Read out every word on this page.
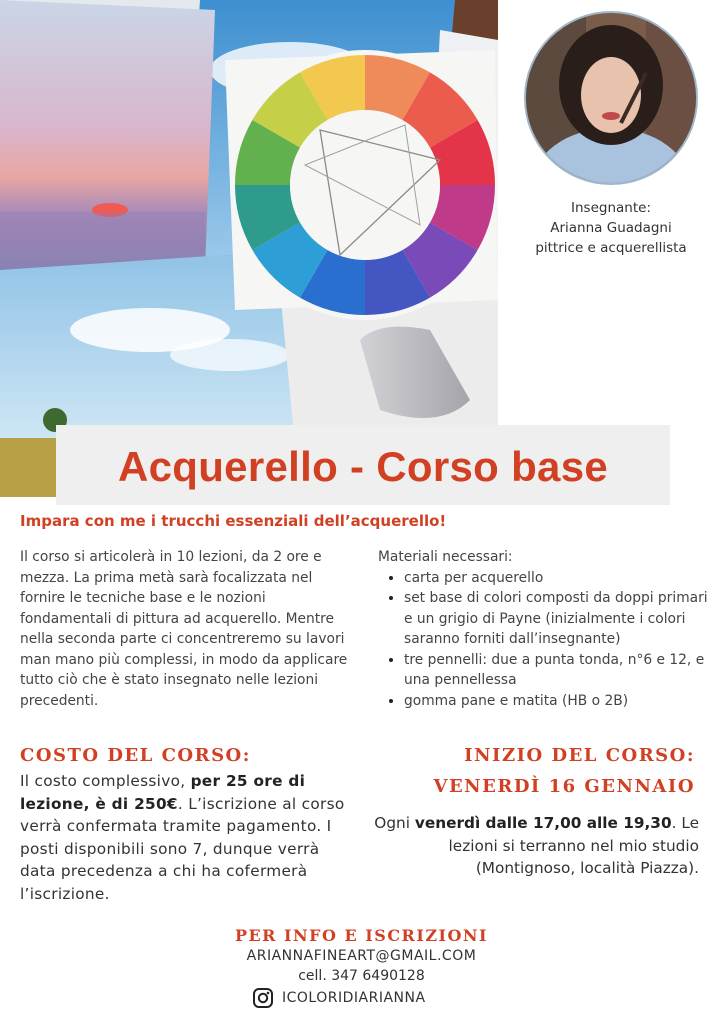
Insegnante:
Arianna Guadagni
pittrice e acquerellista
Acquerello - Corso base
Impara con me i trucchi essenziali dell’acquerello!
Il corso si articolerà in 10 lezioni, da 2 ore e mezza. La prima metà sarà focalizzata nel fornire le tecniche base e le nozioni fondamentali di pittura ad acquerello. Mentre nella seconda parte ci concentreremo su lavori man mano più complessi, in modo da applicare tutto ciò che è stato insegnato nelle lezioni precedenti.
Materiali necessari:
• carta per acquerello
• set base di colori composti da doppi primari e un grigio di Payne (inizialmente i colori saranno forniti dall’insegnante)
• tre pennelli: due a punta tonda, n°6 e 12, e una pennellessa
• gomma pane e matita (HB o 2B)
COSTO DEL CORSO:
Il costo complessivo, per 25 ore di lezione, è di 250€. L’iscrizione al corso verrà confermata tramite pagamento. I posti disponibili sono 7, dunque verrà data precedenza a chi ha cofermerà l’iscrizione.
INIZIO DEL CORSO:
VENERDÌ 16 GENNAIO
Ogni venerdì dalle 17,00 alle 19,30. Le lezioni si terranno nel mio studio (Montignoso, località Piazza).
PER INFO E ISCRIZIONI
ARIANNAFINEART@GMAIL.COM
cell. 347 6490128
ICOLORIDIARIANNA
